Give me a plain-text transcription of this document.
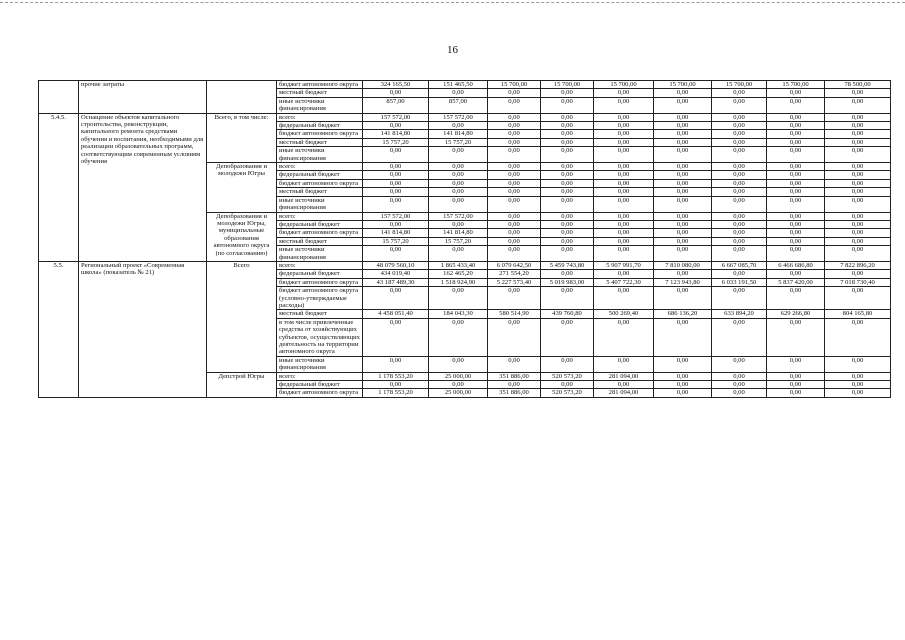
16
	прочие затраты		бюджет автономного округа	324 165,50	151 465,50	15 700,00	15 700,00	15 700,00	15 700,00	15 700,00	15 700,00	78 500,00
			местный бюджет	0,00	0,00	0,00	0,00	0,00	0,00	0,00	0,00	0,00
			иные источники финансирования	857,00	857,00	0,00	0,00	0,00	0,00	0,00	0,00	0,00
5.4.5.	Оснащение объектов капитального строительства, реконструкции, капитального ремонта средствами обучения и воспитания, необходимыми для реализации образовательных программ, соответствующим современным условиям обучения	Всего, в том числе:	всего:	157 572,00	157 572,00	0,00	0,00	0,00	0,00	0,00	0,00	0,00
			федеральный бюджет	0,00	0,00	0,00	0,00	0,00	0,00	0,00	0,00	0,00
			бюджет автономного округа	141 814,80	141 814,80	0,00	0,00	0,00	0,00	0,00	0,00	0,00
			местный бюджет	15 757,20	15 757,20	0,00	0,00	0,00	0,00	0,00	0,00	0,00
			иные источники финансирования	0,00	0,00	0,00	0,00	0,00	0,00	0,00	0,00	0,00
		Депобразования и молодежи Югры	всего:	0,00	0,00	0,00	0,00	0,00	0,00	0,00	0,00	0,00
			федеральный бюджет	0,00	0,00	0,00	0,00	0,00	0,00	0,00	0,00	0,00
			бюджет автономного округа	0,00	0,00	0,00	0,00	0,00	0,00	0,00	0,00	0,00
			местный бюджет	0,00	0,00	0,00	0,00	0,00	0,00	0,00	0,00	0,00
			иные источники финансирования	0,00	0,00	0,00	0,00	0,00	0,00	0,00	0,00	0,00
		Депобразования и молодежи Югры, муниципальные образования автономного округа (по согласованию)	всего:	157 572,00	157 572,00	0,00	0,00	0,00	0,00	0,00	0,00	0,00
			федеральный бюджет	0,00	0,00	0,00	0,00	0,00	0,00	0,00	0,00	0,00
			бюджет автономного округа	141 814,80	141 814,80	0,00	0,00	0,00	0,00	0,00	0,00	0,00
			местный бюджет	15 757,20	15 757,20	0,00	0,00	0,00	0,00	0,00	0,00	0,00
			иные источники финансирования	0,00	0,00	0,00	0,00	0,00	0,00	0,00	0,00	0,00
5.5.	Региональный проект «Современная школа» (показатель № 21)	Всего	всего:	48 079 560,10	1 865 433,40	6 079 642,50	5 459 743,80	5 907 991,70	7 810 080,00	6 667 085,70	6 466 686,80	7 822 896,20
			федеральный бюджет	434 019,40	162 465,20	271 554,20	0,00	0,00	0,00	0,00	0,00	0,00
			бюджет автономного округа	43 187 489,30	1 518 924,90	5 227 573,40	5 019 983,00	5 407 722,30	7 123 943,80	6 033 191,50	5 837 420,00	7 018 730,40
			бюджет автономного округа (условно-утверждаемые расходы)	0,00	0,00	0,00	0,00	0,00	0,00	0,00	0,00	0,00
			местный бюджет	4 458 051,40	184 043,30	580 514,90	439 760,80	500 269,40	686 136,20	633 894,20	629 266,80	804 165,80
			в том числе привлеченные средства от хозяйствующих субъектов, осуществляющих деятельность на территории автономного округа	0,00	0,00	0,00	0,00	0,00	0,00	0,00	0,00	0,00
			иные источники финансирования	0,00	0,00	0,00	0,00	0,00	0,00	0,00	0,00	0,00
		Депстрой Югры	всего:	1 178 553,20	25 000,00	351 886,00	520 573,20	281 094,00	0,00	0,00	0,00	0,00
			федеральный бюджет	0,00	0,00	0,00	0,00	0,00	0,00	0,00	0,00	0,00
			бюджет автономного округа	1 178 553,20	25 000,00	351 886,00	520 573,20	281 094,00	0,00	0,00	0,00	0,00
